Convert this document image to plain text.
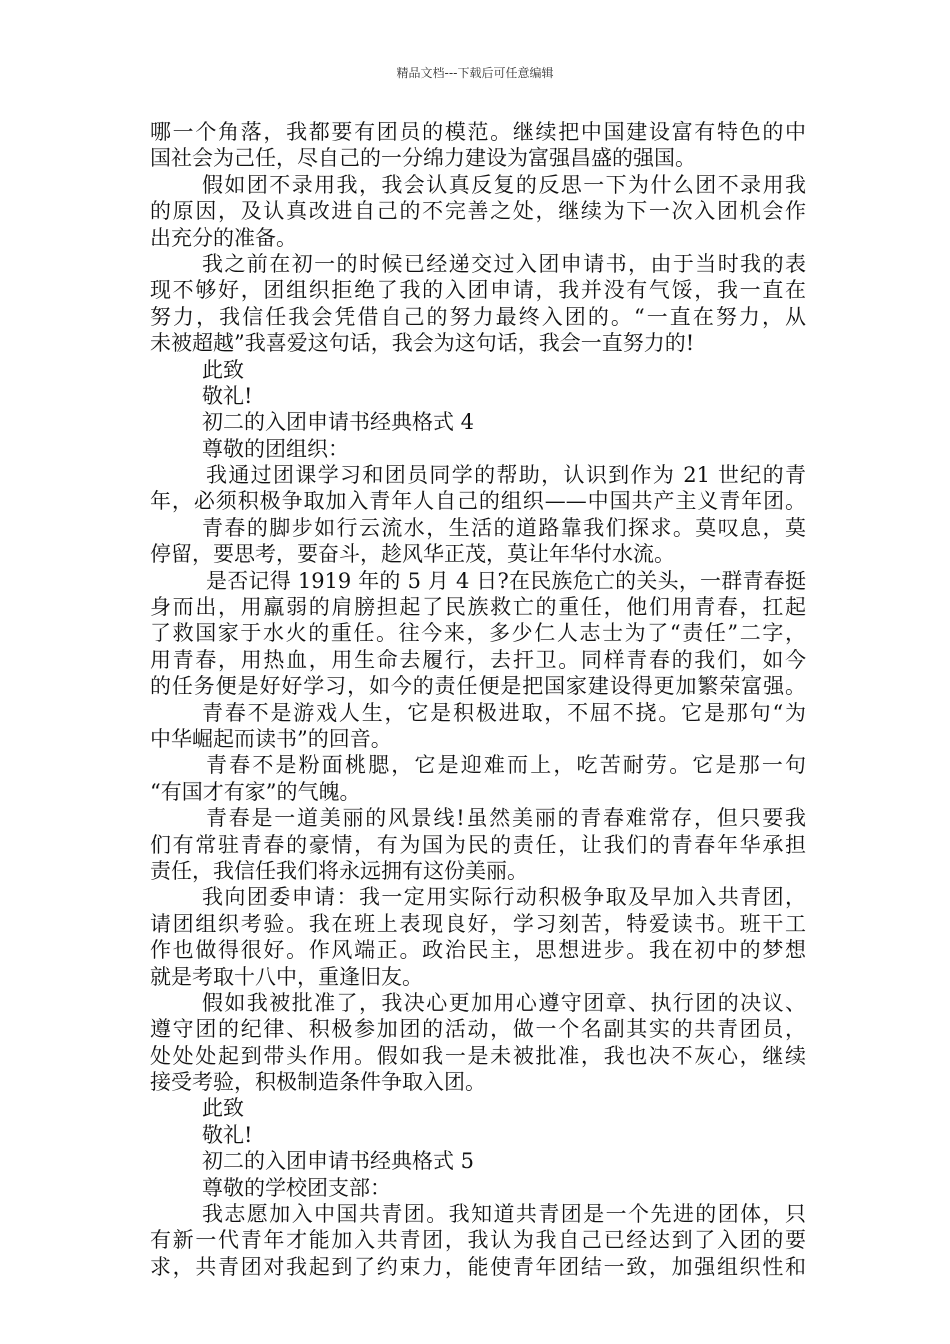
精品文档---下载后可任意编辑
哪一个角落，我都要有团员的模范。继续把中国建设富有特色的中
国社会为己任，尽自己的一分绵力建设为富强昌盛的强国。
假如团不录用我，我会认真反复的反思一下为什么团不录用我
的原因，及认真改进自己的不完善之处，继续为下一次入团机会作
出充分的准备。
我之前在初一的时候已经递交过入团申请书，由于当时我的表
现不够好，团组织拒绝了我的入团申请，我并没有气馁，我一直在
努力，我信任我会凭借自己的努力最终入团的。“一直在努力，从
未被超越”我喜爱这句话，我会为这句话，我会一直努力的!
此致
敬礼!
初二的入团申请书经典格式 4
尊敬的团组织：
我通过团课学习和团员同学的帮助，认识到作为 21 世纪的青
年，必须积极争取加入青年人自己的组织——中国共产主义青年团。
青春的脚步如行云流水，生活的道路靠我们探求。莫叹息，莫
停留，要思考，要奋斗，趁风华正茂，莫让年华付水流。
是否记得 1919 年的 5 月 4 日?在民族危亡的关头，一群青春挺
身而出，用羸弱的肩膀担起了民族救亡的重任，他们用青春，扛起
了救国家于水火的重任。往今来，多少仁人志士为了“责任”二字，
用青春，用热血，用生命去履行，去扞卫。同样青春的我们，如今
的任务便是好好学习，如今的责任便是把国家建设得更加繁荣富强。
青春不是游戏人生，它是积极进取，不屈不挠。它是那句“为
中华崛起而读书”的回音。
青春不是粉面桃腮，它是迎难而上，吃苦耐劳。它是那一句
“有国才有家”的气魄。
青春是一道美丽的风景线!虽然美丽的青春难常存，但只要我
们有常驻青春的豪情，有为国为民的责任，让我们的青春年华承担
责任，我信任我们将永远拥有这份美丽。
我向团委申请：我一定用实际行动积极争取及早加入共青团，
请团组织考验。我在班上表现良好，学习刻苦，特爱读书。班干工
作也做得很好。作风端正。政治民主，思想进步。我在初中的梦想
就是考取十八中，重逢旧友。
假如我被批准了，我决心更加用心遵守团章、执行团的决议、
遵守团的纪律、积极参加团的活动，做一个名副其实的共青团员，
处处处起到带头作用。假如我一是未被批准，我也决不灰心，继续
接受考验，积极制造条件争取入团。
此致
敬礼!
初二的入团申请书经典格式 5
尊敬的学校团支部：
我志愿加入中国共青团。我知道共青团是一个先进的团体，只
有新一代青年才能加入共青团，我认为我自己已经达到了入团的要
求，共青团对我起到了约束力，能使青年团结一致，加强组织性和
